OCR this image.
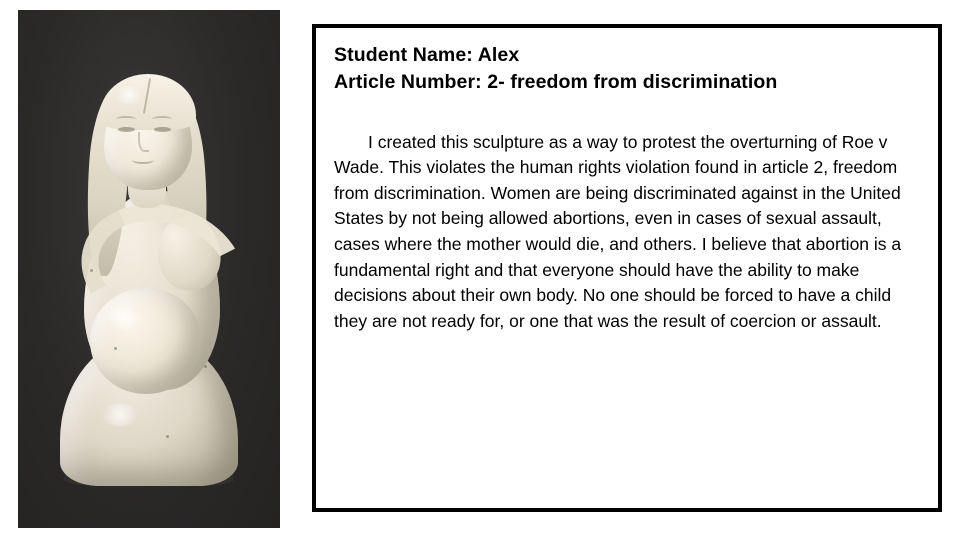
Student Name: Alex
Article Number: 2- freedom from discrimination
I created this sculpture as a way to protest the overturning of Roe v Wade. This violates the human rights violation found in article 2, freedom from discrimination. Women are being discriminated against in the United States by not being allowed abortions, even in cases of sexual assault, cases where the mother would die, and others. I believe that abortion is a fundamental right and that everyone should have the ability to make decisions about their own body. No one should be forced to have a child they are not ready for, or one that was the result of coercion or assault.
